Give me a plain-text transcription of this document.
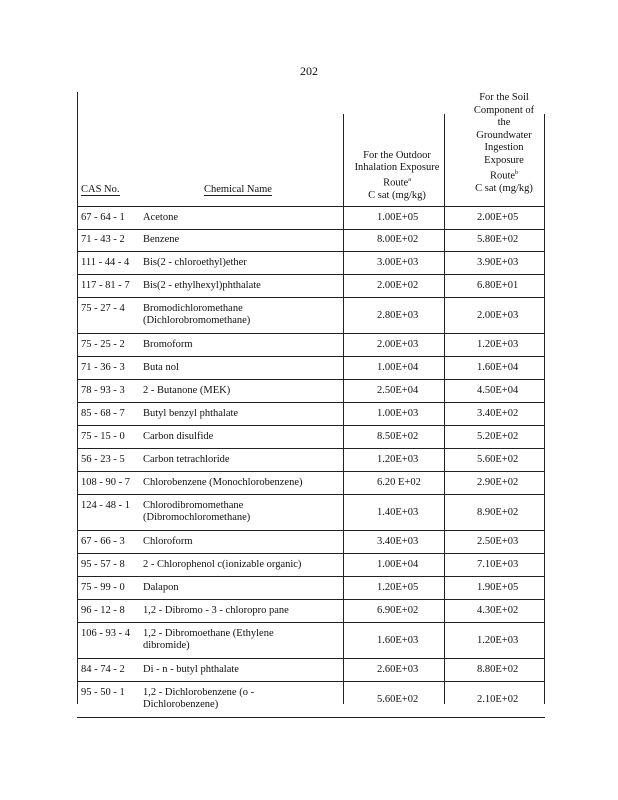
202
CAS No.	Chemical Name
For the Outdoor
Inhalation Exposure
Route$^a$
C sat (mg/kg)
For the Soil
Component of
the
Groundwater
Ingestion
Exposure
Route$^b$
C sat (mg/kg)
67 - 64 - 1 Acetone	1.00E+05	2.00E+05
71 - 43 - 2 Benzene	8.00E+02	5.80E+02
111 - 44 - 4 Bis(2 - chloroethyl)ether	3.00E+03	3.90E+03
117 - 81 - 7 Bis(2 - ethylhexyl)phthalate	2.00E+02	6.80E+01
75 - 27 - 4 Bromodichloromethane
(Dichlorobromomethane)	2.80E+03	2.00E+03
75 - 25 - 2 Bromoform	2.00E+03	1.20E+03
71 - 36 - 3 Buta nol	1.00E+04	1.60E+04
78 - 93 - 3 2 - Butanone (MEK)	2.50E+04	4.50E+04
85 - 68 - 7 Butyl benzyl phthalate	1.00E+03	3.40E+02
75 - 15 - 0 Carbon disulfide	8.50E+02	5.20E+02
56 - 23 - 5 Carbon tetrachloride	1.20E+03	5.60E+02
108 - 90 - 7 Chlorobenzene (Monochlorobenzene)	6.20 E+02	2.90E+02
124 - 48 - 1 Chlorodibromomethane
(Dibromochloromethane)	1.40E+03	8.90E+02
67 - 66 - 3 Chloroform	3.40E+03	2.50E+03
95 - 57 - 8 2 - Chlorophenol c(ionizable organic)	1.00E+04	7.10E+03
75 - 99 - 0 Dalapon	1.20E+05	1.90E+05
96 - 12 - 8 1,2 - Dibromo - 3 - chloropro pane	6.90E+02	4.30E+02
106 - 93 - 4 1,2 - Dibromoethane (Ethylene
dibromide)	1.60E+03	1.20E+03
84 - 74 - 2 Di - n - butyl phthalate	2.60E+03	8.80E+02
95 - 50 - 1 1,2 - Dichlorobenzene (o -
Dichlorobenzene)	5.60E+02	2.10E+02
